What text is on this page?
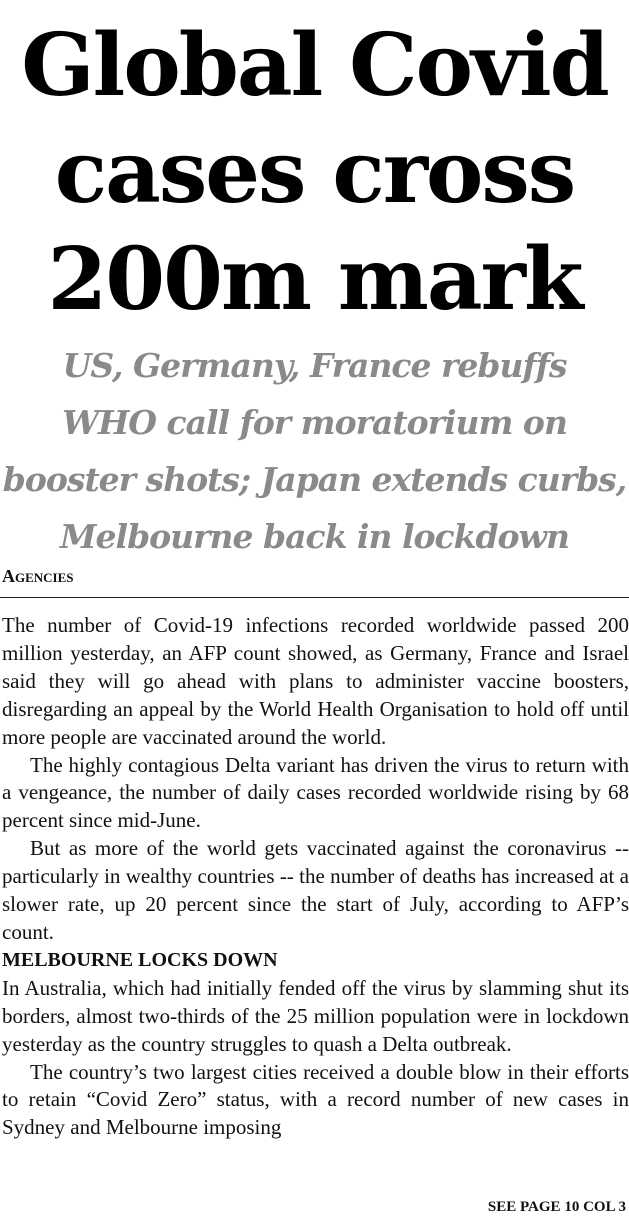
Global Covid
cases cross
200m mark
US, Germany, France rebuffs
WHO call for moratorium on
booster shots; Japan extends curbs,
Melbourne back in lockdown
Agencies

The number of Covid-19 infections recorded worldwide passed 200 million yesterday, an AFP count showed, as Germany, France and Israel said they will go ahead with plans to administer vaccine boosters, disregarding an appeal by the World Health Organisation to hold off until more people are vaccinated around the world.

The highly contagious Delta variant has driven the virus to return with a vengeance, the number of daily cases recorded worldwide rising by 68 percent since mid-June.

But as more of the world gets vaccinated against the coronavirus -- particularly in wealthy countries -- the number of deaths has increased at a slower rate, up 20 percent since the start of July, according to AFP’s count.

MELBOURNE LOCKS DOWN

In Australia, which had initially fended off the virus by slamming shut its borders, almost two-thirds of the 25 million population were in lockdown yesterday as the country struggles to quash a Delta outbreak.

The country’s two largest cities received a double blow in their efforts to retain “Covid Zero” status, with a record number of new cases in Sydney and Melbourne imposing

SEE PAGE 10 COL 3
